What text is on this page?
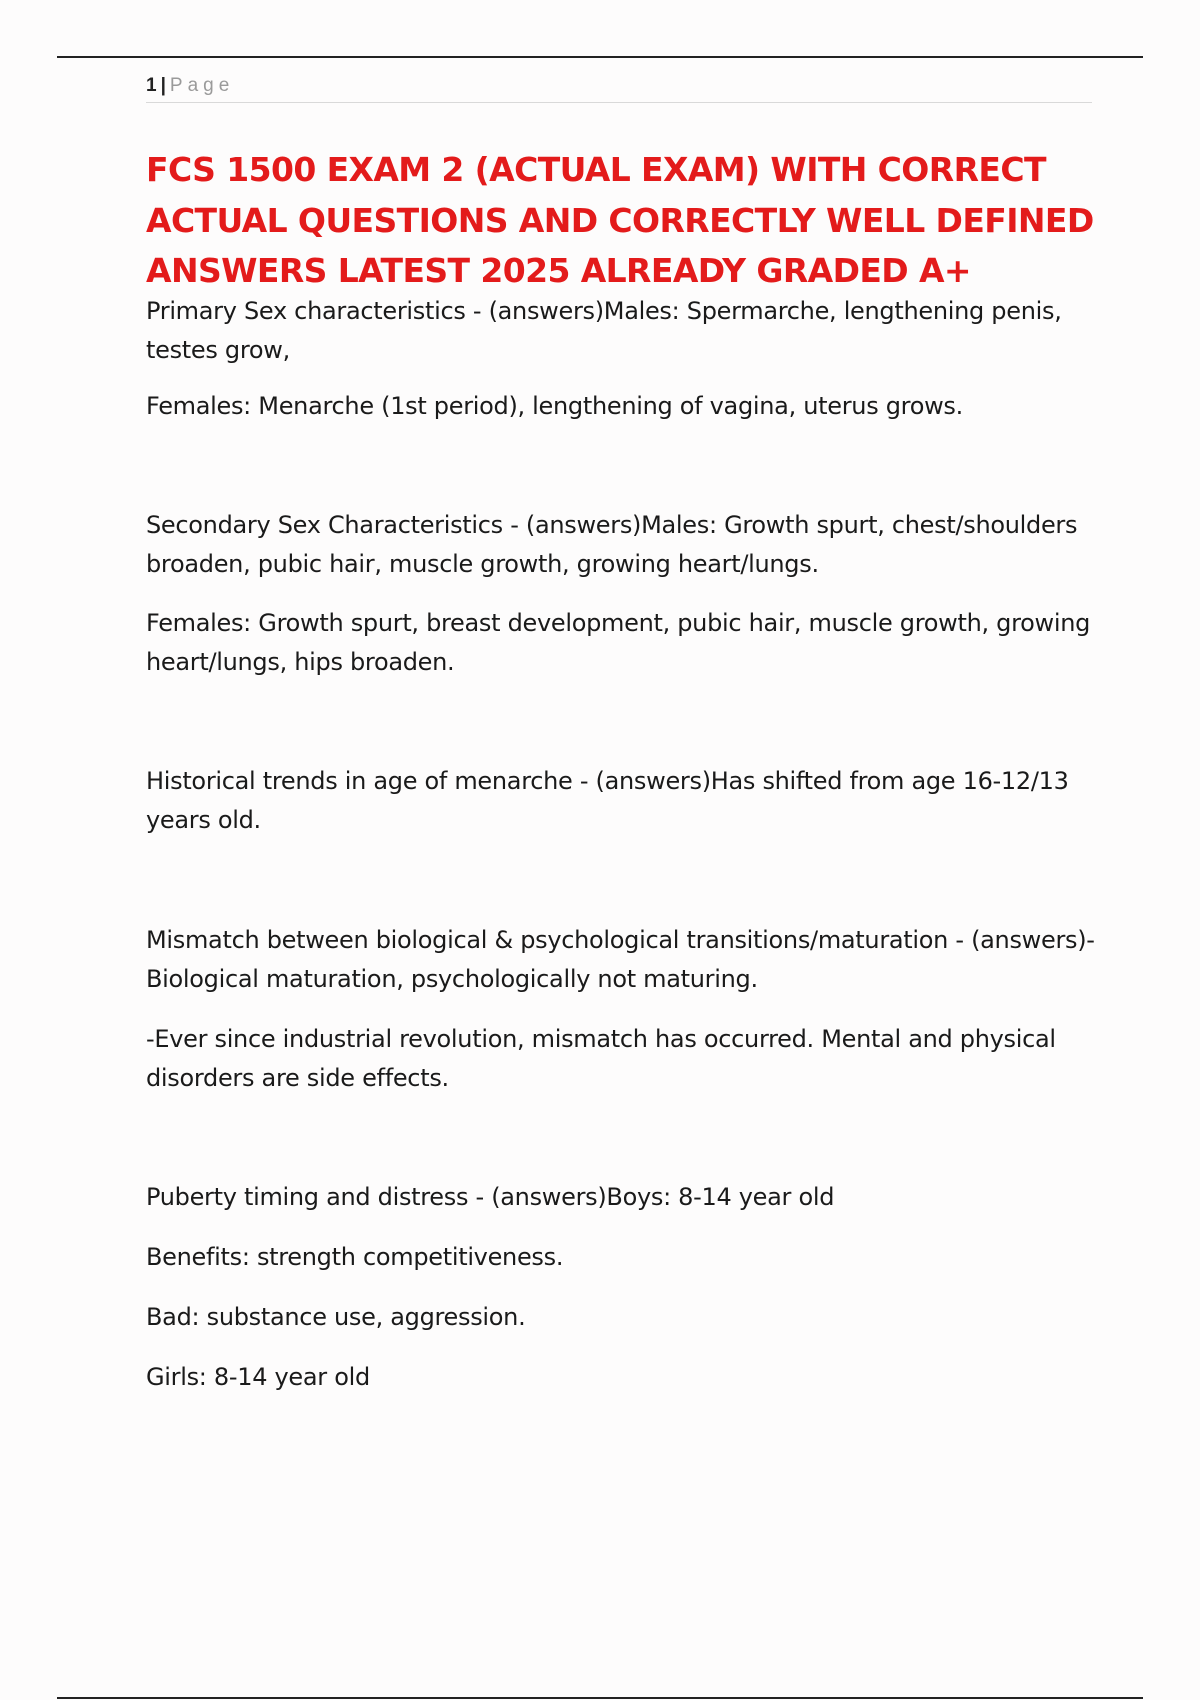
1 | Page
FCS 1500 EXAM 2 (ACTUAL EXAM) WITH CORRECT
ACTUAL QUESTIONS AND CORRECTLY WELL DEFINED
ANSWERS LATEST 2025 ALREADY GRADED A+

Primary Sex characteristics - (answers)Males: Spermarche, lengthening penis,
testes grow,

Females: Menarche (1st period), lengthening of vagina, uterus grows.

Secondary Sex Characteristics - (answers)Males: Growth spurt, chest/shoulders
broaden, pubic hair, muscle growth, growing heart/lungs.

Females: Growth spurt, breast development, pubic hair, muscle growth, growing
heart/lungs, hips broaden.

Historical trends in age of menarche - (answers)Has shifted from age 16-12/13
years old.

Mismatch between biological & psychological transitions/maturation - (answers)-
Biological maturation, psychologically not maturing.

-Ever since industrial revolution, mismatch has occurred. Mental and physical
disorders are side effects.

Puberty timing and distress - (answers)Boys: 8-14 year old

Benefits: strength competitiveness.

Bad: substance use, aggression.

Girls: 8-14 year old
